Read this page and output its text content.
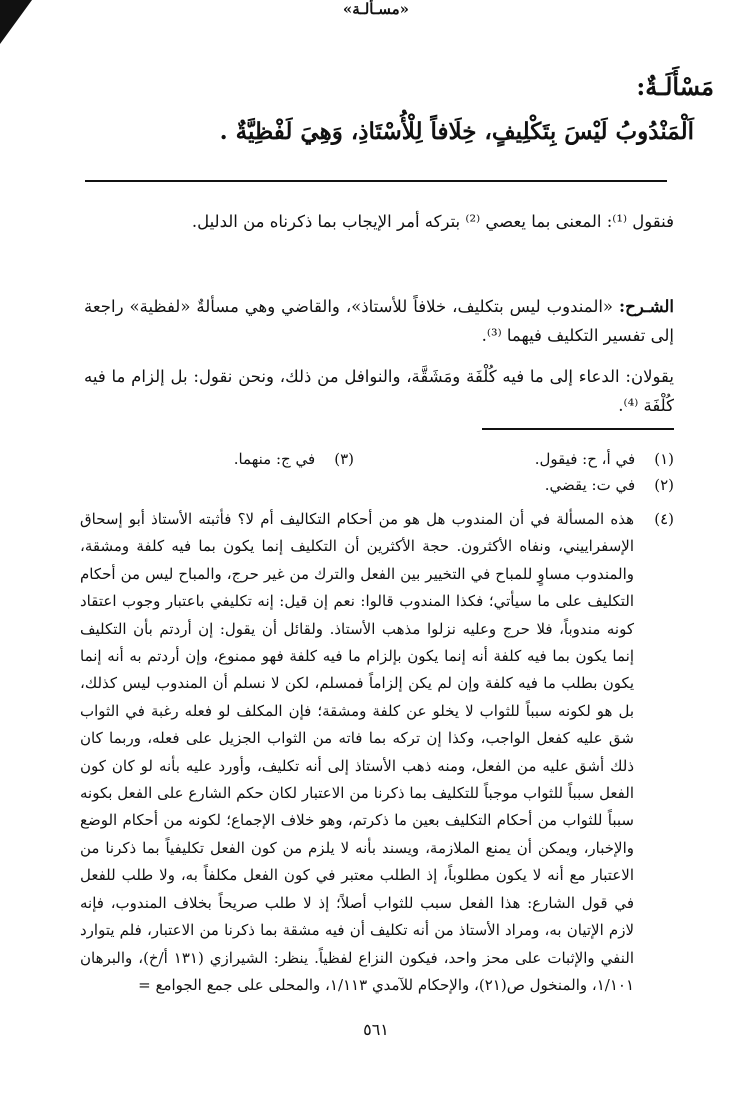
مَسْأَلَـةٌ:
اَلْمَنْدُوبُ لَيْسَ بِتَكْلِيفٍ، خِلَافاً لِلْأُسْتَاذِ، وَهِيَ لَفْظِيَّةٌ .
فنقول ⁽¹⁾: المعنى بما يعصي ⁽²⁾ بتركه أمر الإيجاب بما ذكرناه من الدليل.
«مسـألـة»
الشـرح: «المندوب ليس بتكليف، خلافاً للأستاذ»، والقاضي وهي مسألةٌ «لفظية» راجعة إلى تفسير التكليف فيهما ⁽³⁾.
يقولان: الدعاء إلى ما فيه كُلْفَة ومَشَقَّة، والنوافل من ذلك، ونحن نقول: بل إلزام ما فيه كُلْفَة ⁽⁴⁾.
(١)    في أ، ح: فيقول.
(٣)    في ج: منهما.
(٢)    في ت: يقضي.
(٤)
هذه المسألة في أن المندوب هل هو من أحكام التكاليف أم لا؟ فأثبته الأستاذ أبو إسحاق الإسفراييني، ونفاه الأكثرون. حجة الأكثرين أن التكليف إنما يكون بما فيه كلفة ومشقة، والمندوب مساوٍ للمباح في التخيير بين الفعل والترك من غير حرج، والمباح ليس من أحكام التكليف على ما سيأتي؛ فكذا المندوب قالوا: نعم إن قيل: إنه تكليفي باعتبار وجوب اعتقاد كونه مندوباً، فلا حرج وعليه نزلوا مذهب الأستاذ. ولقائل أن يقول: إن أردتم بأن التكليف إنما يكون بما فيه كلفة أنه إنما يكون بإلزام ما فيه كلفة فهو ممنوع، وإن أردتم به أنه إنما يكون بطلب ما فيه كلفة وإن لم يكن إلزاماً فمسلم، لكن لا نسلم أن المندوب ليس كذلك، بل هو لكونه سبباً للثواب لا يخلو عن كلفة ومشقة؛ فإن المكلف لو فعله رغبة في الثواب شق عليه كفعل الواجب، وكذا إن تركه بما فاته من الثواب الجزيل على فعله، وربما كان ذلك أشق عليه من الفعل، ومنه ذهب الأستاذ إلى أنه تكليف، وأورد عليه بأنه لو كان كون الفعل سبباً للثواب موجباً للتكليف بما ذكرنا من الاعتبار لكان حكم الشارع على الفعل بكونه سبباً للثواب من أحكام التكليف بعين ما ذكرتم، وهو خلاف الإجماع؛ لكونه من أحكام الوضع والإخبار، ويمكن أن يمنع الملازمة، ويسند بأنه لا يلزم من كون الفعل تكليفياً بما ذكرنا من الاعتبار مع أنه لا يكون مطلوباً، إذ الطلب معتبر في كون الفعل مكلفاً به، ولا طلب للفعل في قول الشارع: هذا الفعل سبب للثواب أصلاً؛ إذ لا طلب صريحاً بخلاف المندوب، فإنه لازم الإتيان به، ومراد الأستاذ من أنه تكليف أن فيه مشقة بما ذكرنا من الاعتبار، فلم يتوارد النفي والإثبات على محز واحد، فيكون النزاع لفظياً. ينظر: الشيرازي (١٣١ أ/خ)، والبرهان ١/١٠١، والمنخول ص(٢١)، والإحكام للآمدي ١/١١٣، والمحلى على جمع الجوامع =
٥٦١
